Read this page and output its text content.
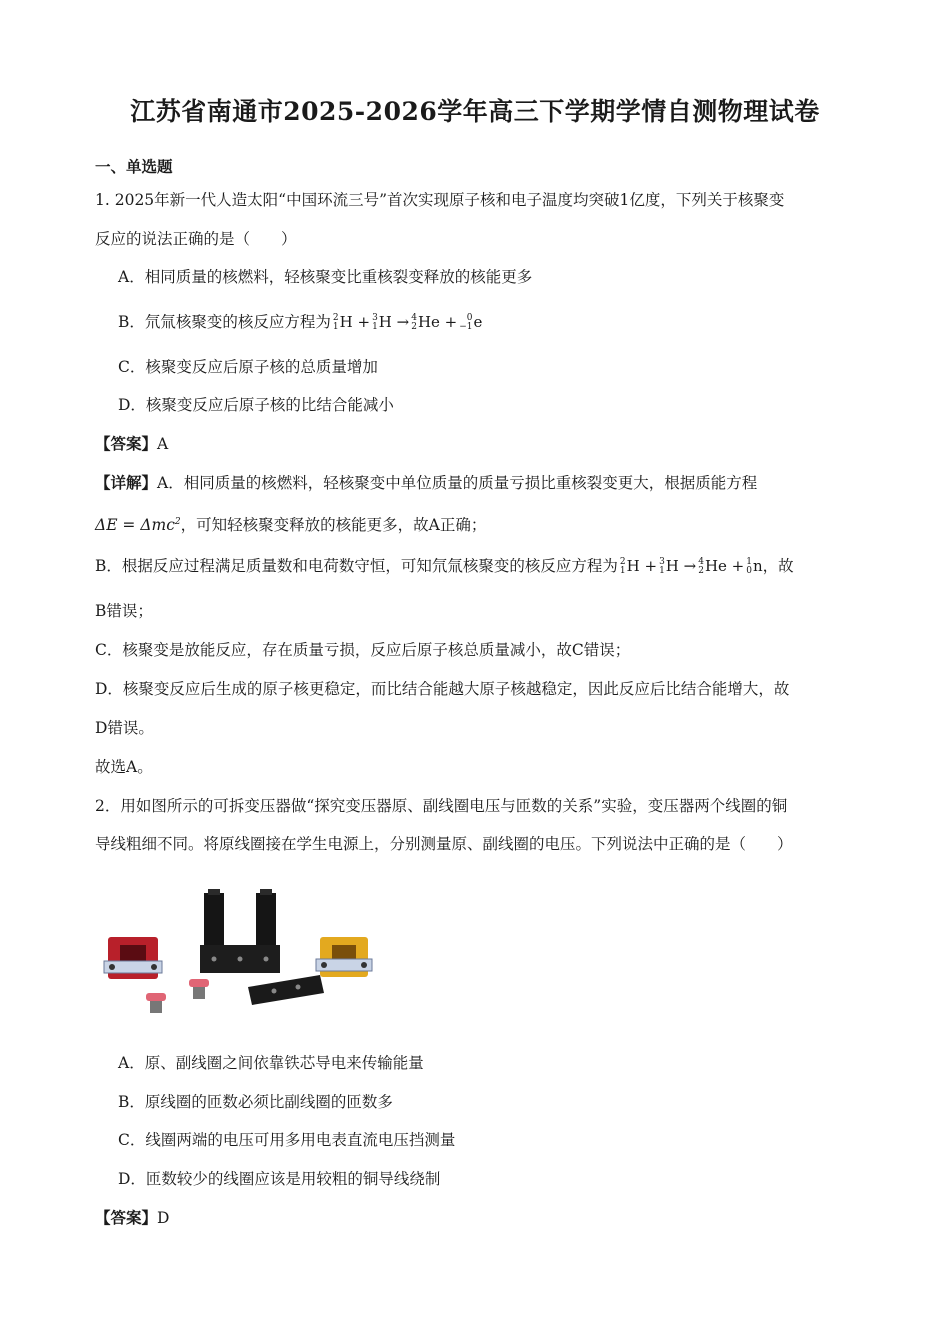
江苏省南通市2025-2026学年高三下学期学情自测物理试卷
一、单选题
1. 2025年新一代人造太阳“中国环流三号”首次实现原子核和电子温度均突破1亿度，下列关于核聚变
反应的说法正确的是（　　）
A．相同质量的核燃料，轻核聚变比重核裂变释放的核能更多
B．氘氚核聚变的核反应方程为 2
1 H + 3
1 H → 4
2 He +	0
−1 e
C．核聚变反应后原子核的总质量增加
D．核聚变反应后原子核的比结合能减小
【答案】A
【详解】A．相同质量的核燃料，轻核聚变中单位质量的质量亏损比重核裂变更大，根据质能方程
ΔE = Δmc$^2$，可知轻核聚变释放的核能更多，故A正确；
B．根据反应过程满足质量数和电荷数守恒，可知氘氚核聚变的核反应方程为 2
1 H + 3
1 H → 4
2 He + 1
0 n，故
B错误；
C．核聚变是放能反应，存在质量亏损，反应后原子核总质量减小，故C错误；
D．核聚变反应后生成的原子核更稳定，而比结合能越大原子核越稳定，因此反应后比结合能增大，故
D错误。
故选A。
2．用如图所示的可拆变压器做“探究变压器原、副线圈电压与匝数的关系”实验，变压器两个线圈的铜
导线粗细不同。将原线圈接在学生电源上，分别测量原、副线圈的电压。下列说法中正确的是（　　）
A．原、副线圈之间依靠铁芯导电来传输能量
B．原线圈的匝数必须比副线圈的匝数多
C．线圈两端的电压可用多用电表直流电压挡测量
D．匝数较少的线圈应该是用较粗的铜导线绕制
【答案】D
